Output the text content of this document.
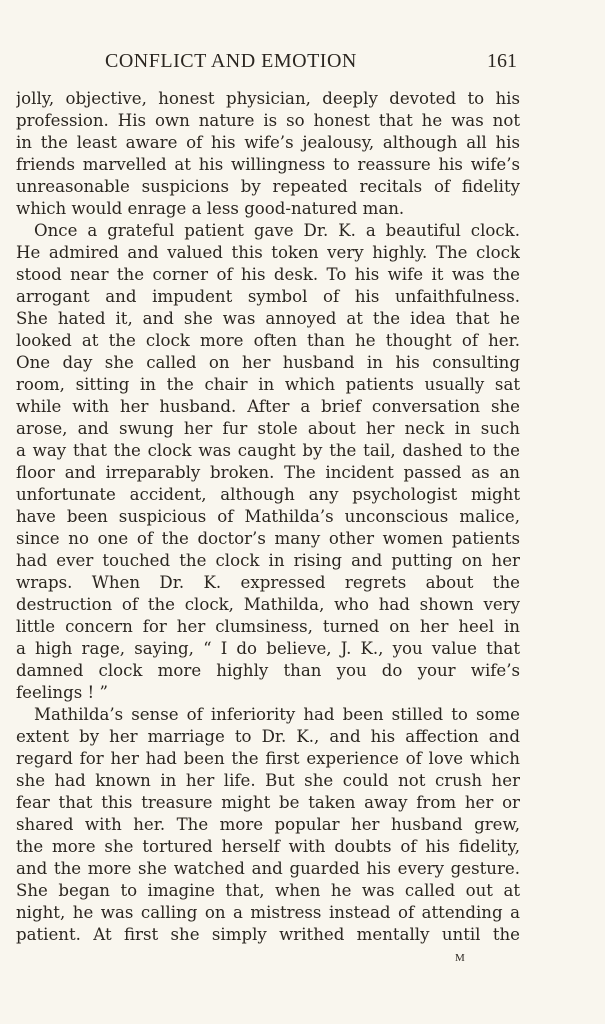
CONFLICT AND EMOTION	161
jolly, objective, honest physician, deeply devoted to his
profession. His own nature is so honest that he was not
in the least aware of his wife’s jealousy, although all his
friends marvelled at his willingness to reassure his wife’s
unreasonable suspicions by repeated recitals of fidelity
which would enrage a less good-natured man.
Once a grateful patient gave Dr. K. a beautiful clock.
He admired and valued this token very highly. The clock
stood near the corner of his desk. To his wife it was the
arrogant and impudent symbol of his unfaithfulness.
She hated it, and she was annoyed at the idea that he
looked at the clock more often than he thought of her.
One day she called on her husband in his consulting
room, sitting in the chair in which patients usually sat
while with her husband. After a brief conversation she
arose, and swung her fur stole about her neck in such
a way that the clock was caught by the tail, dashed to the
floor and irreparably broken. The incident passed as an
unfortunate accident, although any psychologist might
have been suspicious of Mathilda’s unconscious malice,
since no one of the doctor’s many other women patients
had ever touched the clock in rising and putting on her
wraps. When Dr. K. expressed regrets about the
destruction of the clock, Mathilda, who had shown very
little concern for her clumsiness, turned on her heel in
a high rage, saying, “ I do believe, J. K., you value that
damned clock more highly than you do your wife’s
feelings ! ”
Mathilda’s sense of inferiority had been stilled to some
extent by her marriage to Dr. K., and his affection and
regard for her had been the first experience of love which
she had known in her life. But she could not crush her
fear that this treasure might be taken away from her or
shared with her. The more popular her husband grew,
the more she tortured herself with doubts of his fidelity,
and the more she watched and guarded his every gesture.
She began to imagine that, when he was called out at
night, he was calling on a mistress instead of attending a
patient. At first she simply writhed mentally until the
M
